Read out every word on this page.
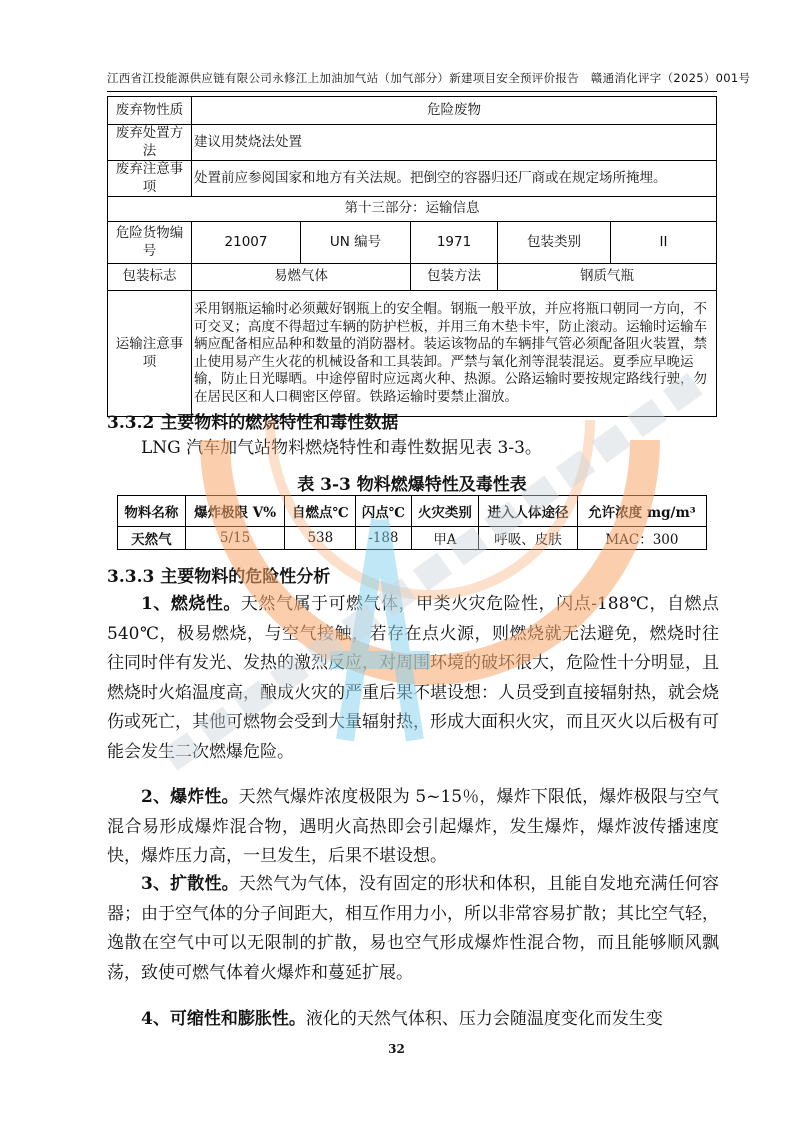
江西省江投能源供应链有限公司永修江上加油加气站（加气部分）新建项目安全预评价报告　赣通消化评字（2025）001号
废弃物性质	危险废物				
废弃处置方法	建议用焚烧法处置				
废弃注意事项	处置前应参阅国家和地方有关法规。把倒空的容器归还厂商或在规定场所掩埋。				
第十三部分：运输信息					
危险货物编号	21007	UN 编号	1971	包装类别	II
包装标志	易燃气体		包装方法	钢质气瓶	
运输注意事项	采用钢瓶运输时必须戴好钢瓶上的安全帽。钢瓶一般平放，并应将瓶口朝同一方向，不可交叉；高度不得超过车辆的防护栏板，并用三角木垫卡牢，防止滚动。运输时运输车辆应配备相应品种和数量的消防器材。装运该物品的车辆排气管必须配备阻火装置，禁止使用易产生火花的机械设备和工具装卸。严禁与氧化剂等混装混运。夏季应早晚运输，防止日光曝晒。中途停留时应远离火种、热源。公路运输时要按规定路线行驶，勿在居民区和人口稠密区停留。铁路运输时要禁止溜放。				
3.3.2 主要物料的燃烧特性和毒性数据
LNG 汽车加气站物料燃烧特性和毒性数据见表 3-3。
表 3-3 物料燃爆特性及毒性表
物料名称	爆炸极限 V%	自燃点℃	闪点℃	火灾类别	进入人体途径	允许浓度 mg/m³
天然气	5/15	538	-188	甲A	呼吸、皮肤	MAC：300
3.3.3 主要物料的危险性分析
1、燃烧性。天然气属于可燃气体，甲类火灾危险性，闪点-188℃，自燃点 540℃，极易燃烧，与空气接触，若存在点火源，则燃烧就无法避免，燃烧时往往同时伴有发光、发热的激烈反应，对周围环境的破坏很大，危险性十分明显，且燃烧时火焰温度高，酿成火灾的严重后果不堪设想：人员受到直接辐射热，就会烧伤或死亡，其他可燃物会受到大量辐射热，形成大面积火灾，而且灭火以后极有可能会发生二次燃爆危险。
2、爆炸性。天然气爆炸浓度极限为 5~15％，爆炸下限低，爆炸极限与空气混合易形成爆炸混合物，遇明火高热即会引起爆炸，发生爆炸，爆炸波传播速度快，爆炸压力高，一旦发生，后果不堪设想。
3、扩散性。天然气为气体，没有固定的形状和体积，且能自发地充满任何容器；由于空气体的分子间距大，相互作用力小，所以非常容易扩散；其比空气轻，逸散在空气中可以无限制的扩散，易也空气形成爆炸性混合物，而且能够顺风飘荡，致使可燃气体着火爆炸和蔓延扩展。
4、可缩性和膨胀性。液化的天然气体积、压力会随温度变化而发生变
32
